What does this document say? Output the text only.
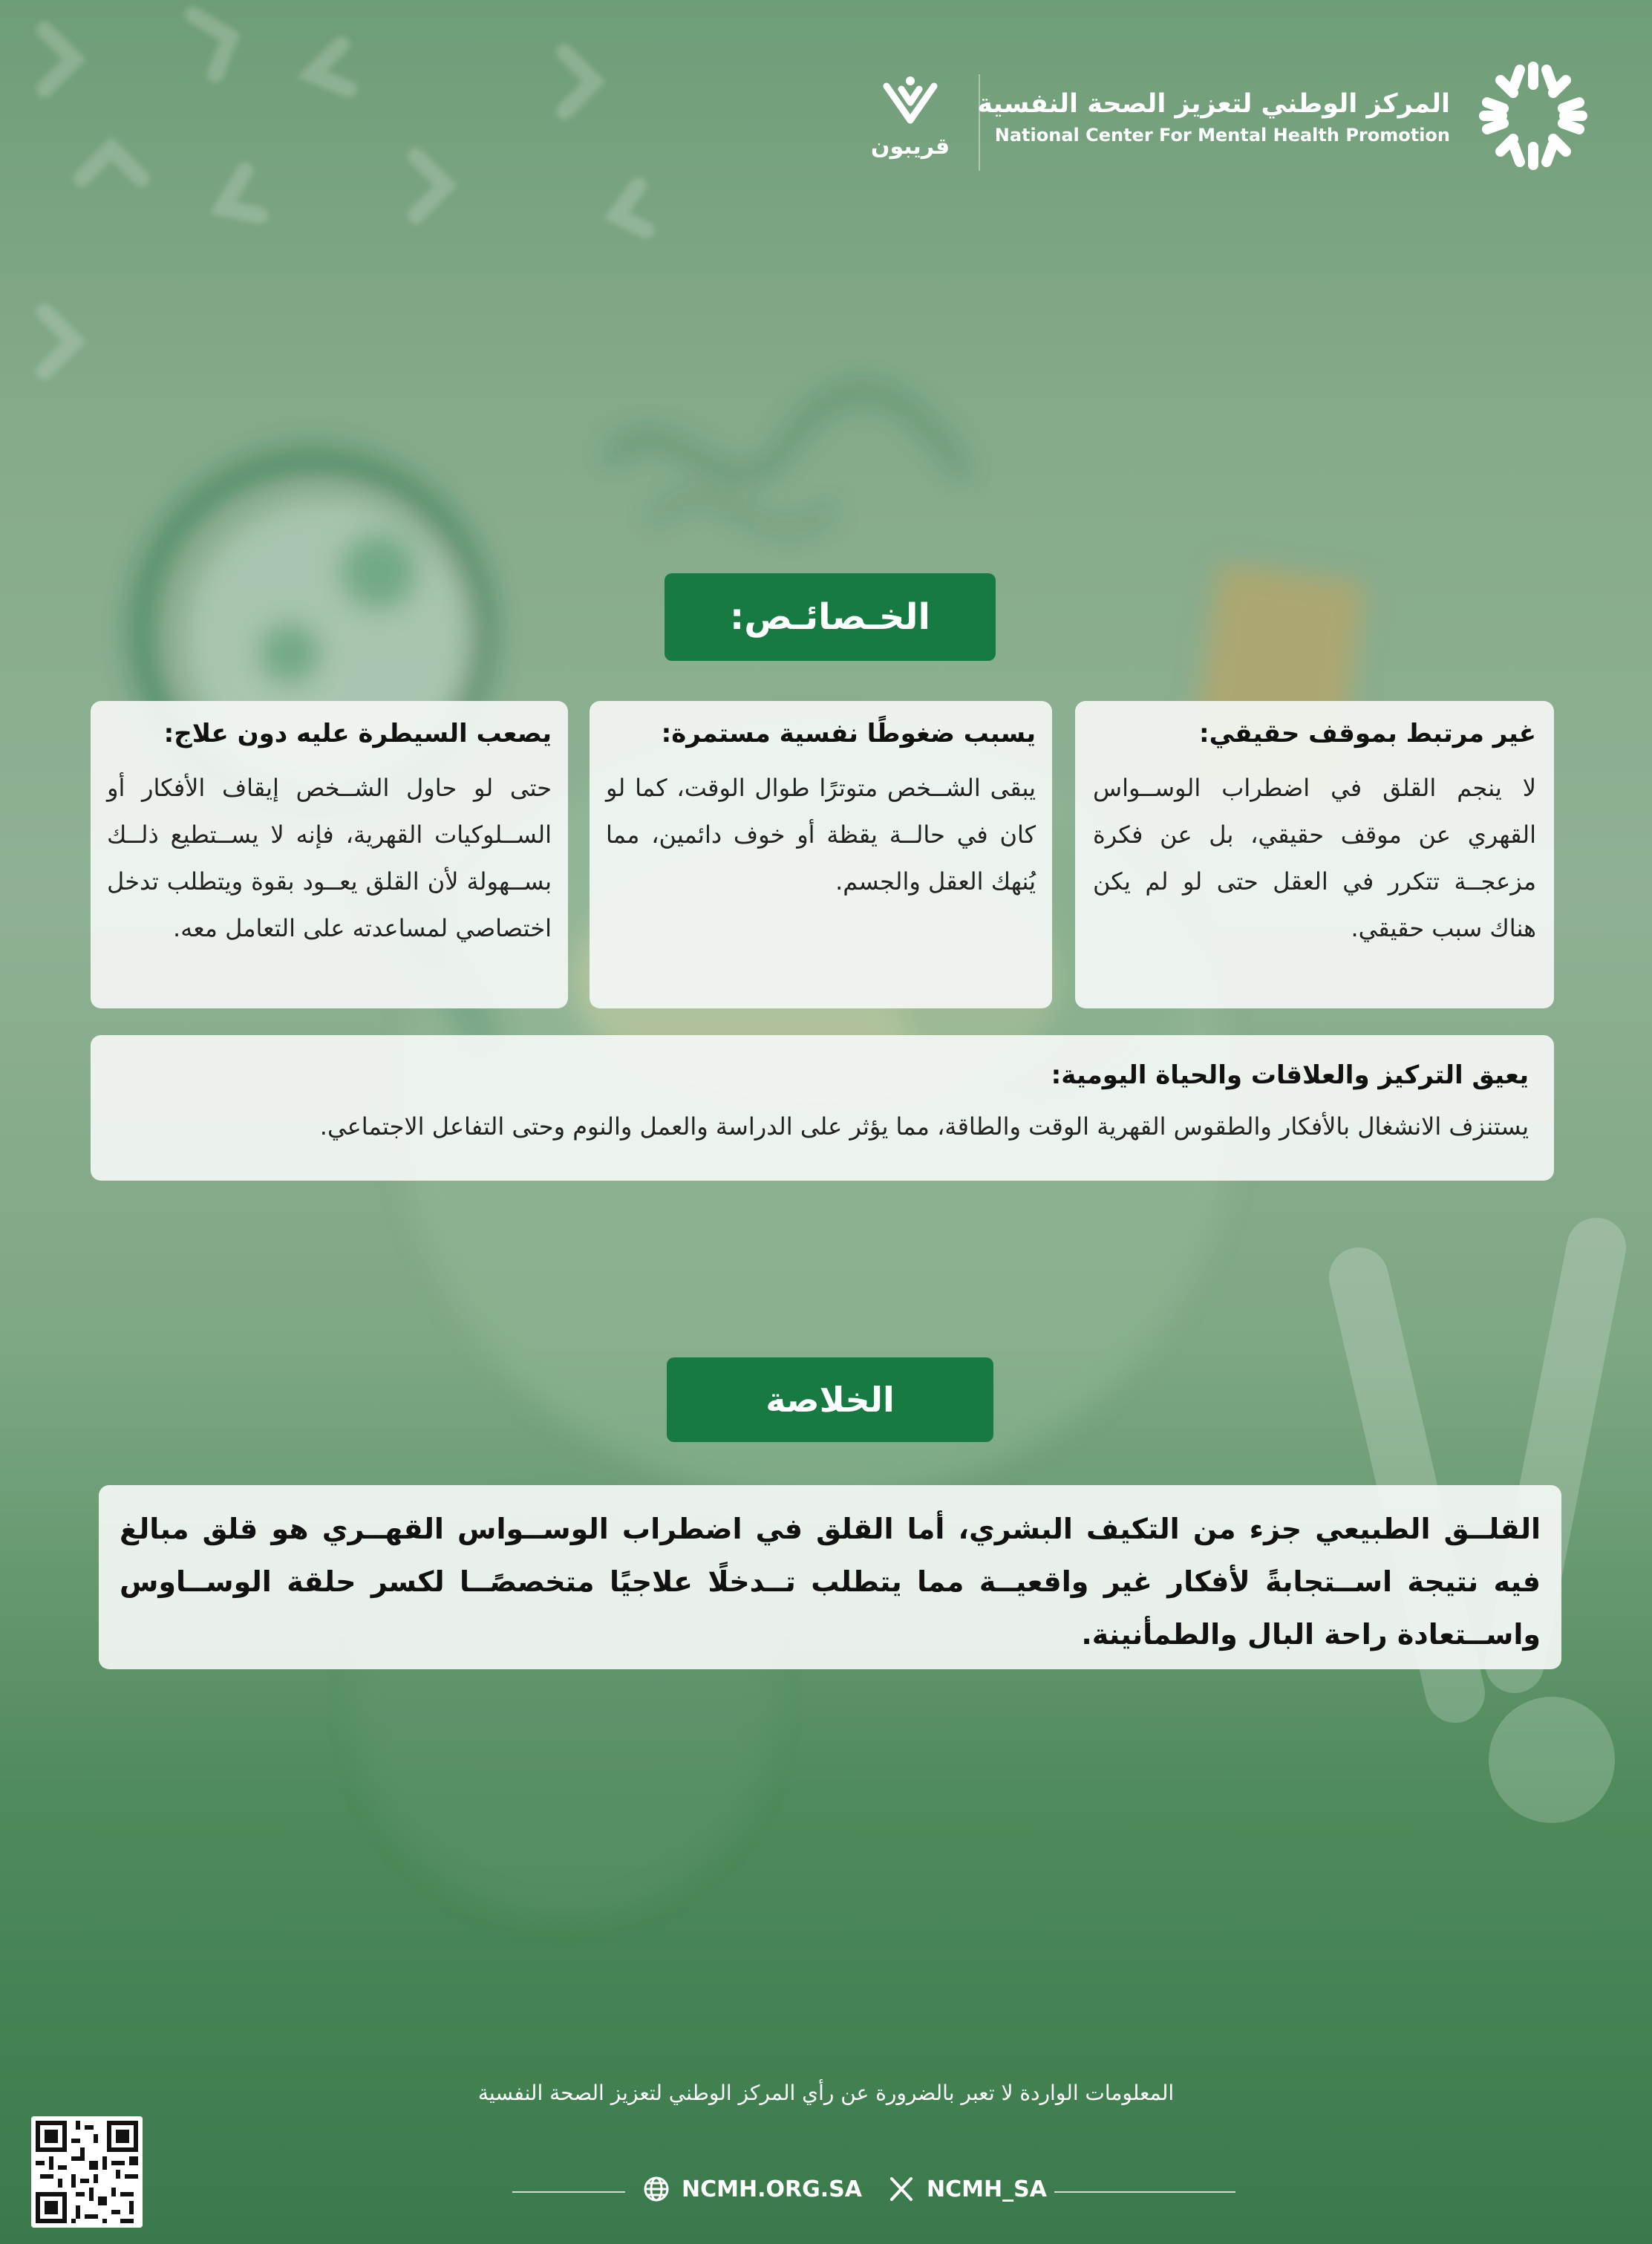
المركز الوطني لتعزيز الصحة النفسية
National Center For Mental Health Promotion
قريبون
الخـصائـص:
غير مرتبط بموقف حقيقي:
لا ينجم القلق في اضطراب الوســواس القهري عن موقف حقيقي، بل عن فكرة مزعجــة تتكرر في العقل حتى لو لم يكن هناك سبب حقيقي.
يسبب ضغوطًا نفسية مستمرة:
يبقى الشــخص متوترًا طوال الوقت، كما لو كان في حالــة يقظة أو خوف دائمين، مما يُنهك العقل والجسم.
يصعب السيطرة عليه دون علاج:
حتى لو حاول الشــخص إيقاف الأفكار أو الســلوكيات القهرية، فإنه لا يســتطيع ذلــك بســهولة لأن القلق يعــود بقوة ويتطلب تدخل اختصاصي لمساعدته على التعامل معه.
يعيق التركيز والعلاقات والحياة اليومية:
يستنزف الانشغال بالأفكار والطقوس القهرية الوقت والطاقة، مما يؤثر على الدراسة والعمل والنوم وحتى التفاعل الاجتماعي.
الخلاصة
القلــق الطبيعي جزء من التكيف البشري، أما القلق في اضطراب الوســواس القهــري هو قلق مبالغ فيه نتيجة اســتجابةً لأفكار غير واقعيــة مما يتطلب تــدخلًا علاجيًا متخصصًــا لكسر حلقة الوســاوس واســتعادة راحة البال والطمأنينة.
المعلومات الواردة لا تعبر بالضرورة عن رأي المركز الوطني لتعزيز الصحة النفسية
NCMH.ORG.SA	NCMH_SA
